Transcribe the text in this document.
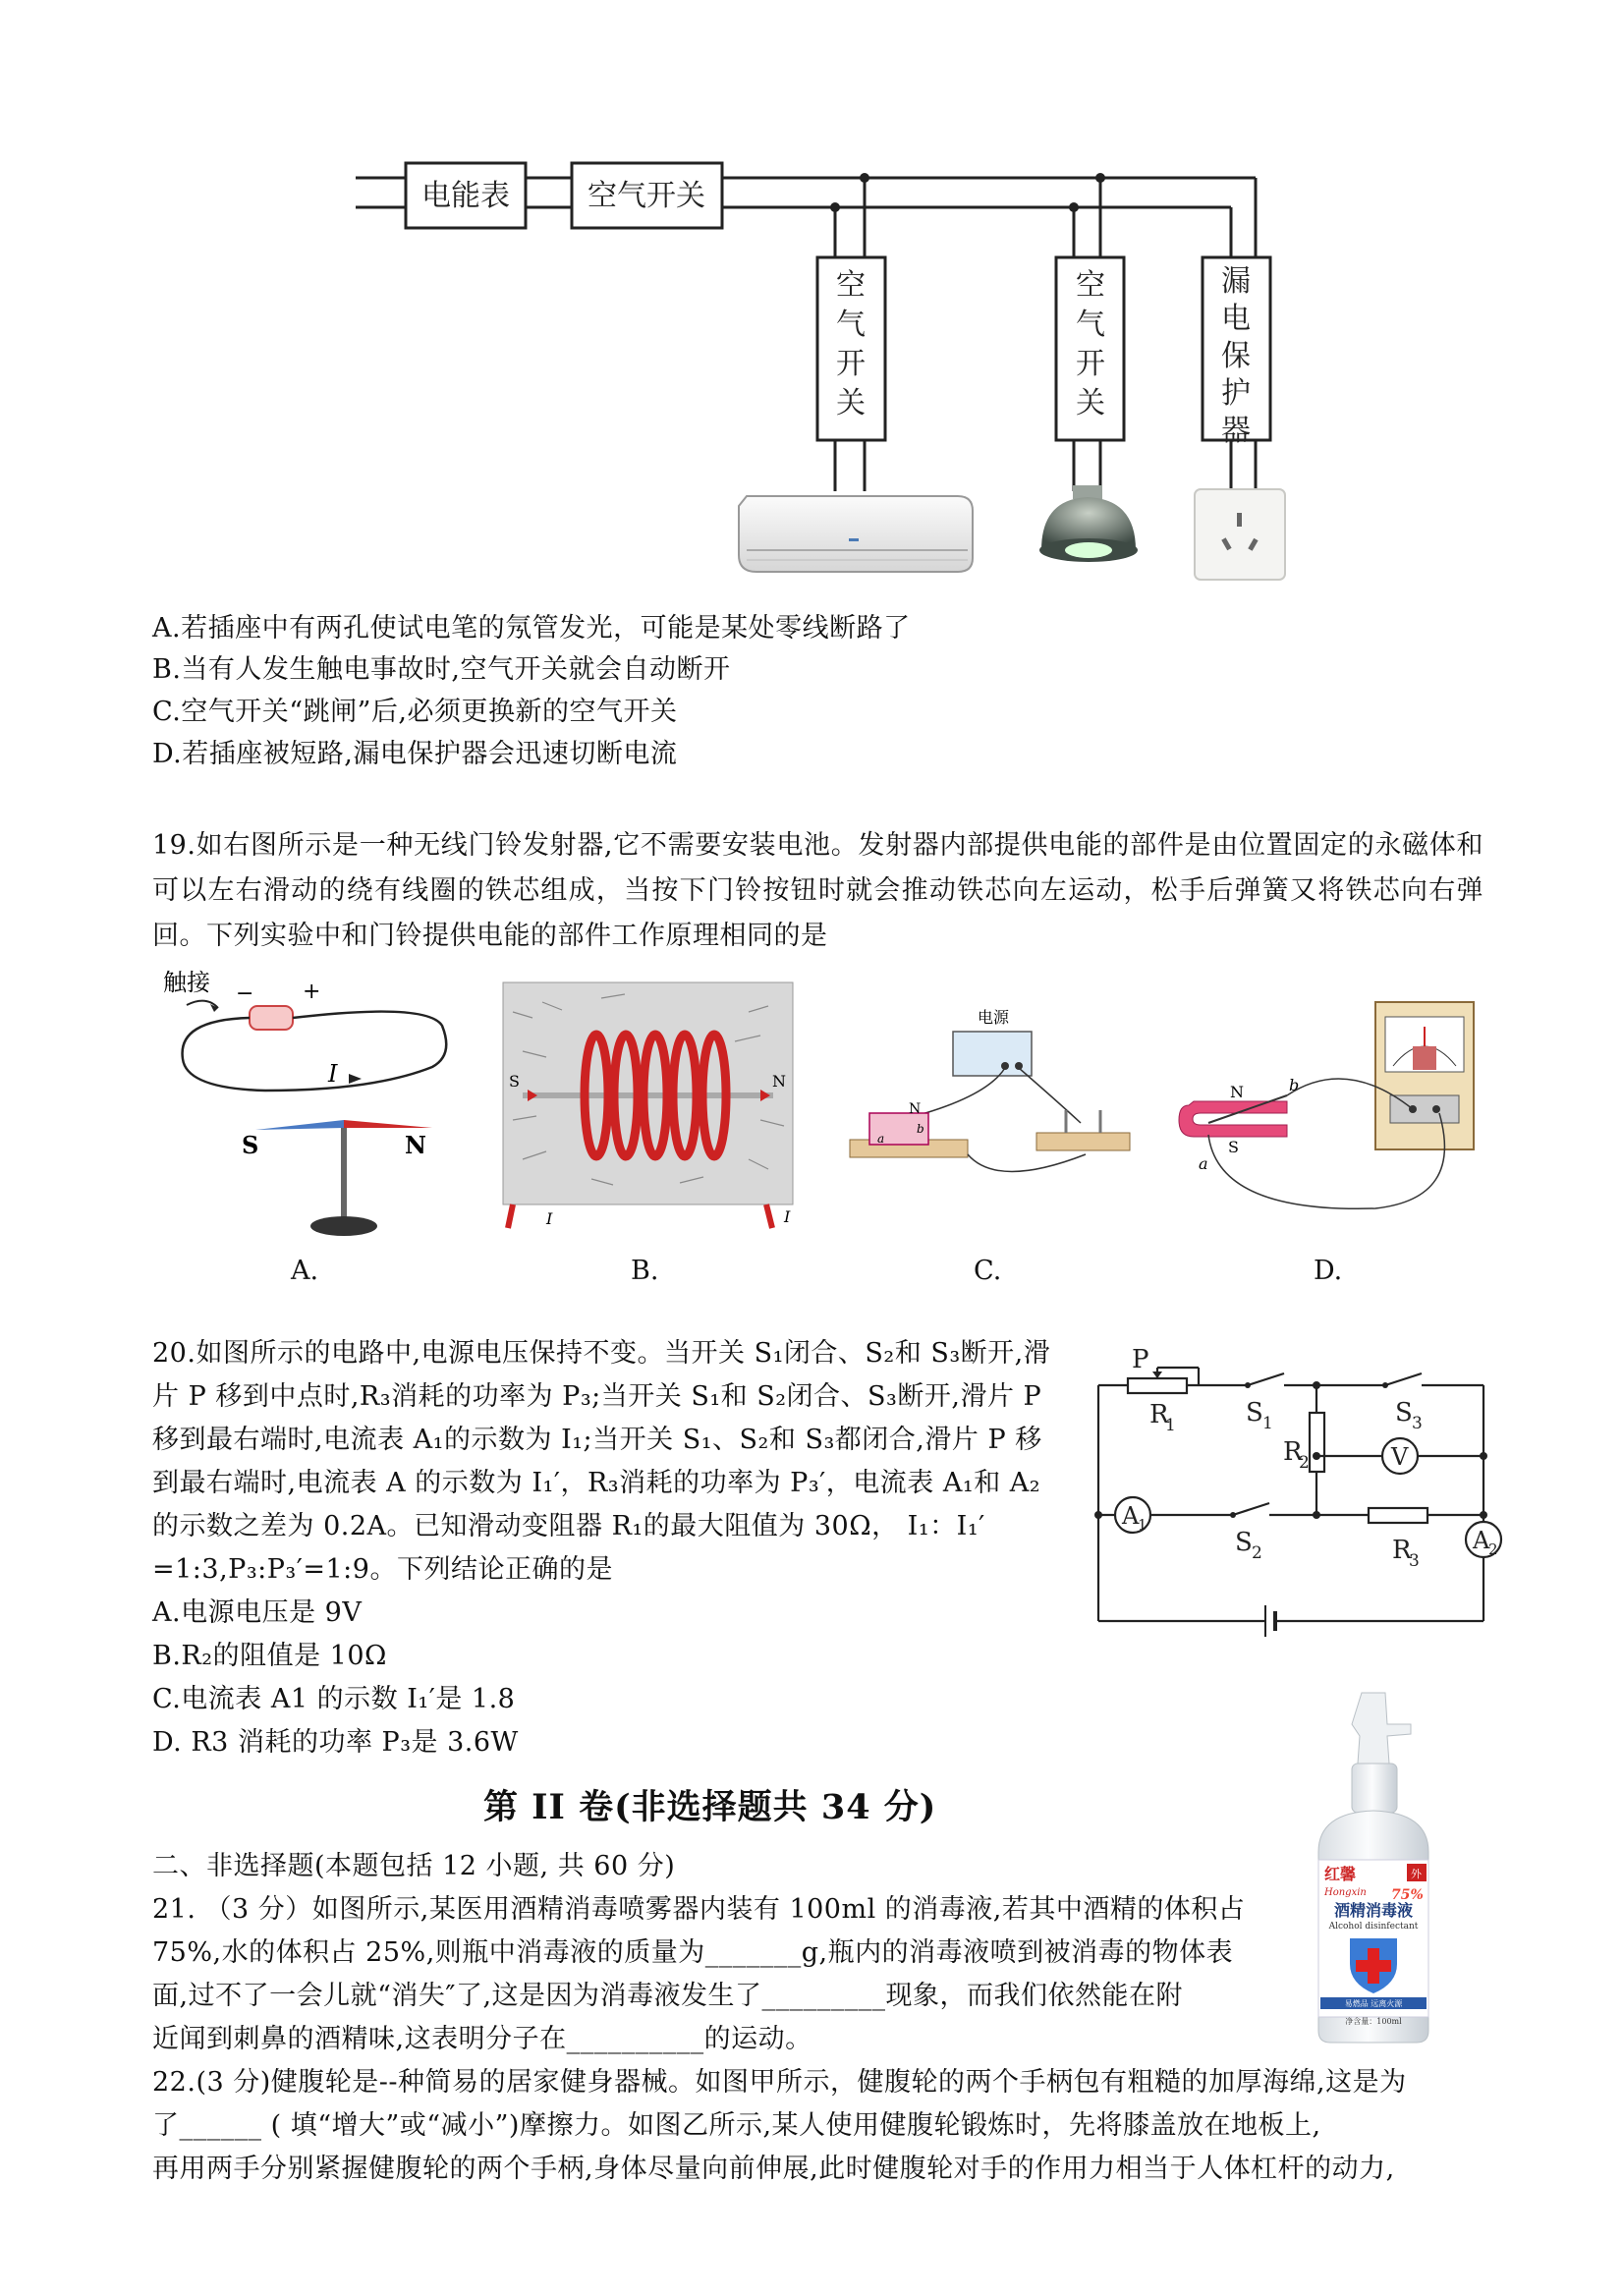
电能表	空气开关
空
气
开
关
空
气
开
关
漏
电
保
护
器
A.若插座中有两孔使试电笔的氖管发光，可能是某处零线断路了
B.当有人发生触电事故时,空气开关就会自动断开
C.空气开关“跳闸”后,必须更换新的空气开关
D.若插座被短路,漏电保护器会迅速切断电流
19.如右图所示是一种无线门铃发射器,它不需要安装电池。发射器内部提供电能的部件是由位置固定的永磁体和可以左右滑动的绕有线圈的铁芯组成，当按下门铃按钮时就会推动铁芯向左运动，松手后弹簧又将铁芯向右弹回。下列实验中和门铃提供电能的部件工作原理相同的是
触接 − +
I
S	N
S	N
I	I
电源
N
a
b
N
S
a
b
A.	B.	C.	D.
20.如图所示的电路中,电源电压保持不变。当开关 S₁闭合、S₂和 S₃断开,滑
片 P 移到中点时,R₃消耗的功率为 P₃;当开关 S₁和 S₂闭合、S₃断开,滑片 P
移到最右端时,电流表 A₁的示数为 I₁;当开关 S₁、S₂和 S₃都闭合,滑片 P 移
到最右端时,电流表 A 的示数为 I₁′，R₃消耗的功率为 P₃′，电流表 A₁和 A₂
的示数之差为 0.2A。已知滑动变阻器 R₁的最大阻值为 30Ω， I₁：I₁′
=1:3,P₃:P₃′=1:9。下列结论正确的是
A.电源电压是 9V
B.R₂的阻值是 10Ω
C.电流表 A1 的示数 I₁′是 1.8
D. R3 消耗的功率 P₃是 3.6W
P
R
1	S 1	S 3
R
2	V
A
1
S 2	R
3
A
2
第 II 卷(非选择题共 34 分)
二、非选择题(本题包括 12 小题, 共 60 分)
21. （3 分）如图所示,某医用酒精消毒喷雾器内装有 100ml 的消毒液,若其中酒精的体积占
75%,水的体积占 25%,则瓶中消毒液的质量为_______g,瓶内的消毒液喷到被消毒的物体表
面,过不了一会儿就“消失″了,这是因为消毒液发生了_________现象，而我们依然能在附
近闻到刺鼻的酒精味,这表明分子在__________的运动。
红馨
Hongxin
外
75%
酒精消毒液
Alcohol disinfectant
易燃品 远离火源
净含量：100ml
22.(3 分)健腹轮是--种简易的居家健身器械。如图甲所示，健腹轮的两个手柄包有粗糙的加厚海绵,这是为
了______ ( 填“增大”或“减小”)摩擦力。如图乙所示,某人使用健腹轮锻炼时，先将膝盖放在地板上,
再用两手分别紧握健腹轮的两个手柄,身体尽量向前伸展,此时健腹轮对手的作用力相当于人体杠杆的动力,
